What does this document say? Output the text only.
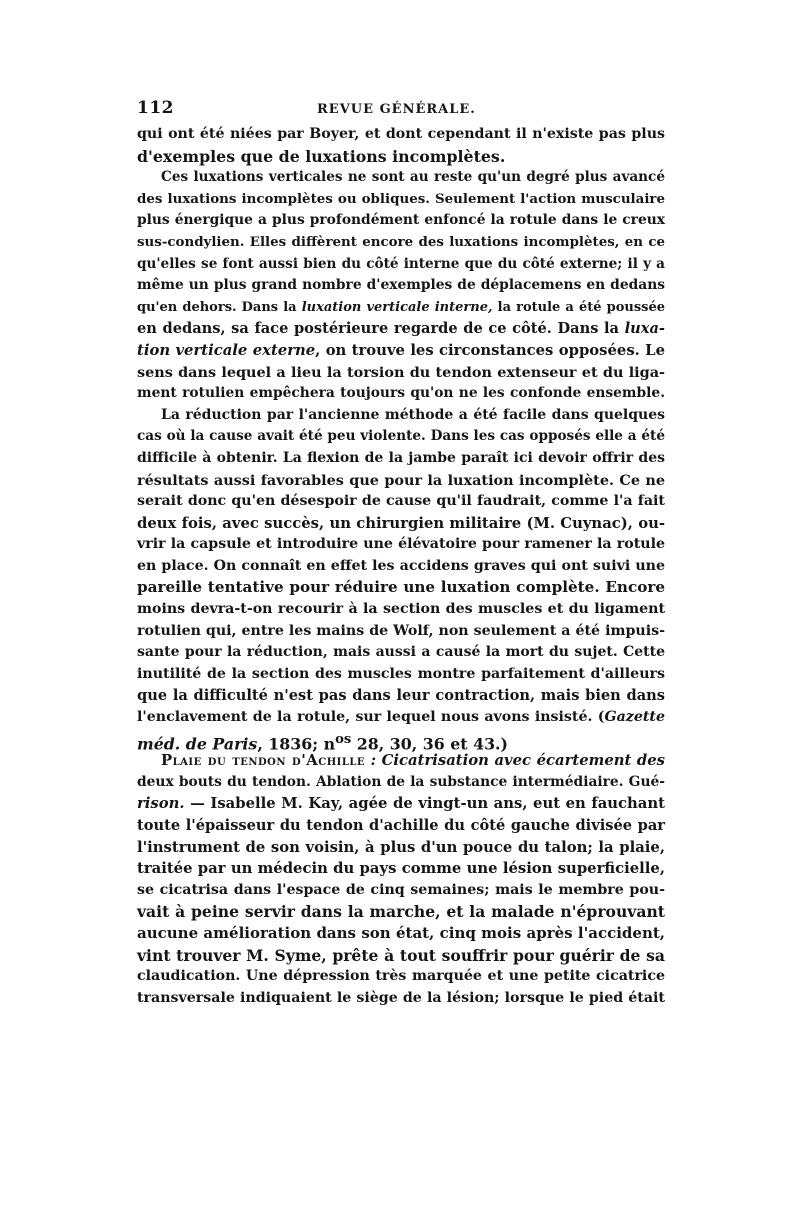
112	REVUE GÉNÉRALE.
qui ont été niées par Boyer, et dont cependant il n'existe pas plus
d'exemples que de luxations incomplètes.
Ces luxations verticales ne sont au reste qu'un degré plus avancé
des luxations incomplètes ou obliques. Seulement l'action musculaire
plus énergique a plus profondément enfoncé la rotule dans le creux
sus-condylien. Elles diffèrent encore des luxations incomplètes, en ce
qu'elles se font aussi bien du côté interne que du côté externe; il y a
même un plus grand nombre d'exemples de déplacemens en dedans
qu'en dehors. Dans la luxation verticale interne, la rotule a été poussée
en dedans, sa face postérieure regarde de ce côté. Dans la luxa-
tion verticale externe, on trouve les circonstances opposées. Le
sens dans lequel a lieu la torsion du tendon extenseur et du liga-
ment rotulien empêchera toujours qu'on ne les confonde ensemble.
La réduction par l'ancienne méthode a été facile dans quelques
cas où la cause avait été peu violente. Dans les cas opposés elle a été
difficile à obtenir. La flexion de la jambe paraît ici devoir offrir des
résultats aussi favorables que pour la luxation incomplète. Ce ne
serait donc qu'en désespoir de cause qu'il faudrait, comme l'a fait
deux fois, avec succès, un chirurgien militaire (M. Cuynac), ou-
vrir la capsule et introduire une élévatoire pour ramener la rotule
en place. On connaît en effet les accidens graves qui ont suivi une
pareille tentative pour réduire une luxation complète. Encore
moins devra-t-on recourir à la section des muscles et du ligament
rotulien qui, entre les mains de Wolf, non seulement a été impuis-
sante pour la réduction, mais aussi a causé la mort du sujet. Cette
inutilité de la section des muscles montre parfaitement d'ailleurs
que la difficulté n'est pas dans leur contraction, mais bien dans
l'enclavement de la rotule, sur lequel nous avons insisté. (Gazette
méd. de Paris, 1836; $n^{os}$ 28, 30, 36 et 43.)
Plaie du tendon d'Achille : Cicatrisation avec écartement des
deux bouts du tendon. Ablation de la substance intermédiaire. Gué-
rison. — Isabelle M. Kay, agée de vingt-un ans, eut en fauchant
toute l'épaisseur du tendon d'achille du côté gauche divisée par
l'instrument de son voisin, à plus d'un pouce du talon; la plaie,
traitée par un médecin du pays comme une lésion superficielle,
se cicatrisa dans l'espace de cinq semaines; mais le membre pou-
vait à peine servir dans la marche, et la malade n'éprouvant
aucune amélioration dans son état, cinq mois après l'accident,
vint trouver M. Syme, prête à tout souffrir pour guérir de sa
claudication. Une dépression très marquée et une petite cicatrice
transversale indiquaient le siège de la lésion; lorsque le pied était
